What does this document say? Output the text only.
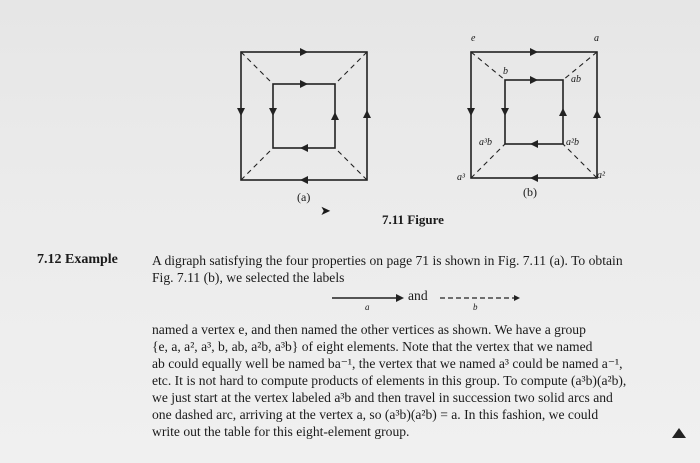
e	a
b
ab
a³b	a²b
a³	a²
(a)	(b)
➤
7.11 Figure
7.12 Example	A digraph satisfying the four properties on page 71 is shown in Fig. 7.11 (a). To obtain
Fig. 7.11 (b), we selected the labels
a
and
b
named a vertex e, and then named the other vertices as shown. We have a group
{e, a, a², a³, b, ab, a²b, a³b} of eight elements. Note that the vertex that we named
ab could equally well be named ba⁻¹, the vertex that we named a³ could be named a⁻¹,
etc. It is not hard to compute products of elements in this group. To compute (a³b)(a²b),
we just start at the vertex labeled a³b and then travel in succession two solid arcs and
one dashed arc, arriving at the vertex a, so (a³b)(a²b) = a. In this fashion, we could
write out the table for this eight-element group.
